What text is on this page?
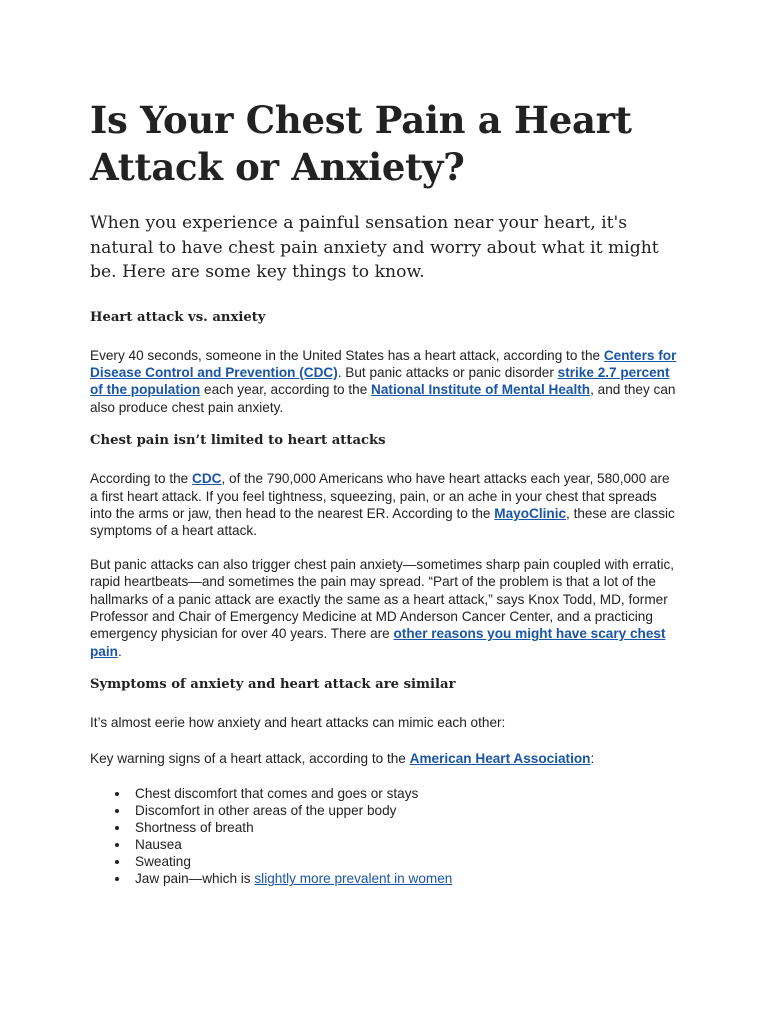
Is Your Chest Pain a Heart
Attack or Anxiety?

When you experience a painful sensation near your heart, it's natural to have chest pain anxiety and worry about what it might be. Here are some key things to know.

Heart attack vs. anxiety

Every 40 seconds, someone in the United States has a heart attack, according to the Centers for Disease Control and Prevention (CDC). But panic attacks or panic disorder strike 2.7 percent of the population each year, according to the National Institute of Mental Health, and they can also produce chest pain anxiety.

Chest pain isn’t limited to heart attacks

According to the CDC, of the 790,000 Americans who have heart attacks each year, 580,000 are a first heart attack. If you feel tightness, squeezing, pain, or an ache in your chest that spreads into the arms or jaw, then head to the nearest ER. According to the MayoClinic, these are classic symptoms of a heart attack.

But panic attacks can also trigger chest pain anxiety—sometimes sharp pain coupled with erratic, rapid heartbeats—and sometimes the pain may spread. “Part of the problem is that a lot of the hallmarks of a panic attack are exactly the same as a heart attack,” says Knox Todd, MD, former Professor and Chair of Emergency Medicine at MD Anderson Cancer Center, and a practicing emergency physician for over 40 years. There are other reasons you might have scary chest pain.

Symptoms of anxiety and heart attack are similar

It’s almost eerie how anxiety and heart attacks can mimic each other:

Key warning signs of a heart attack, according to the American Heart Association:

Chest discomfort that comes and goes or stays
Discomfort in other areas of the upper body
Shortness of breath
Nausea
Sweating
Jaw pain—which is slightly more prevalent in women
